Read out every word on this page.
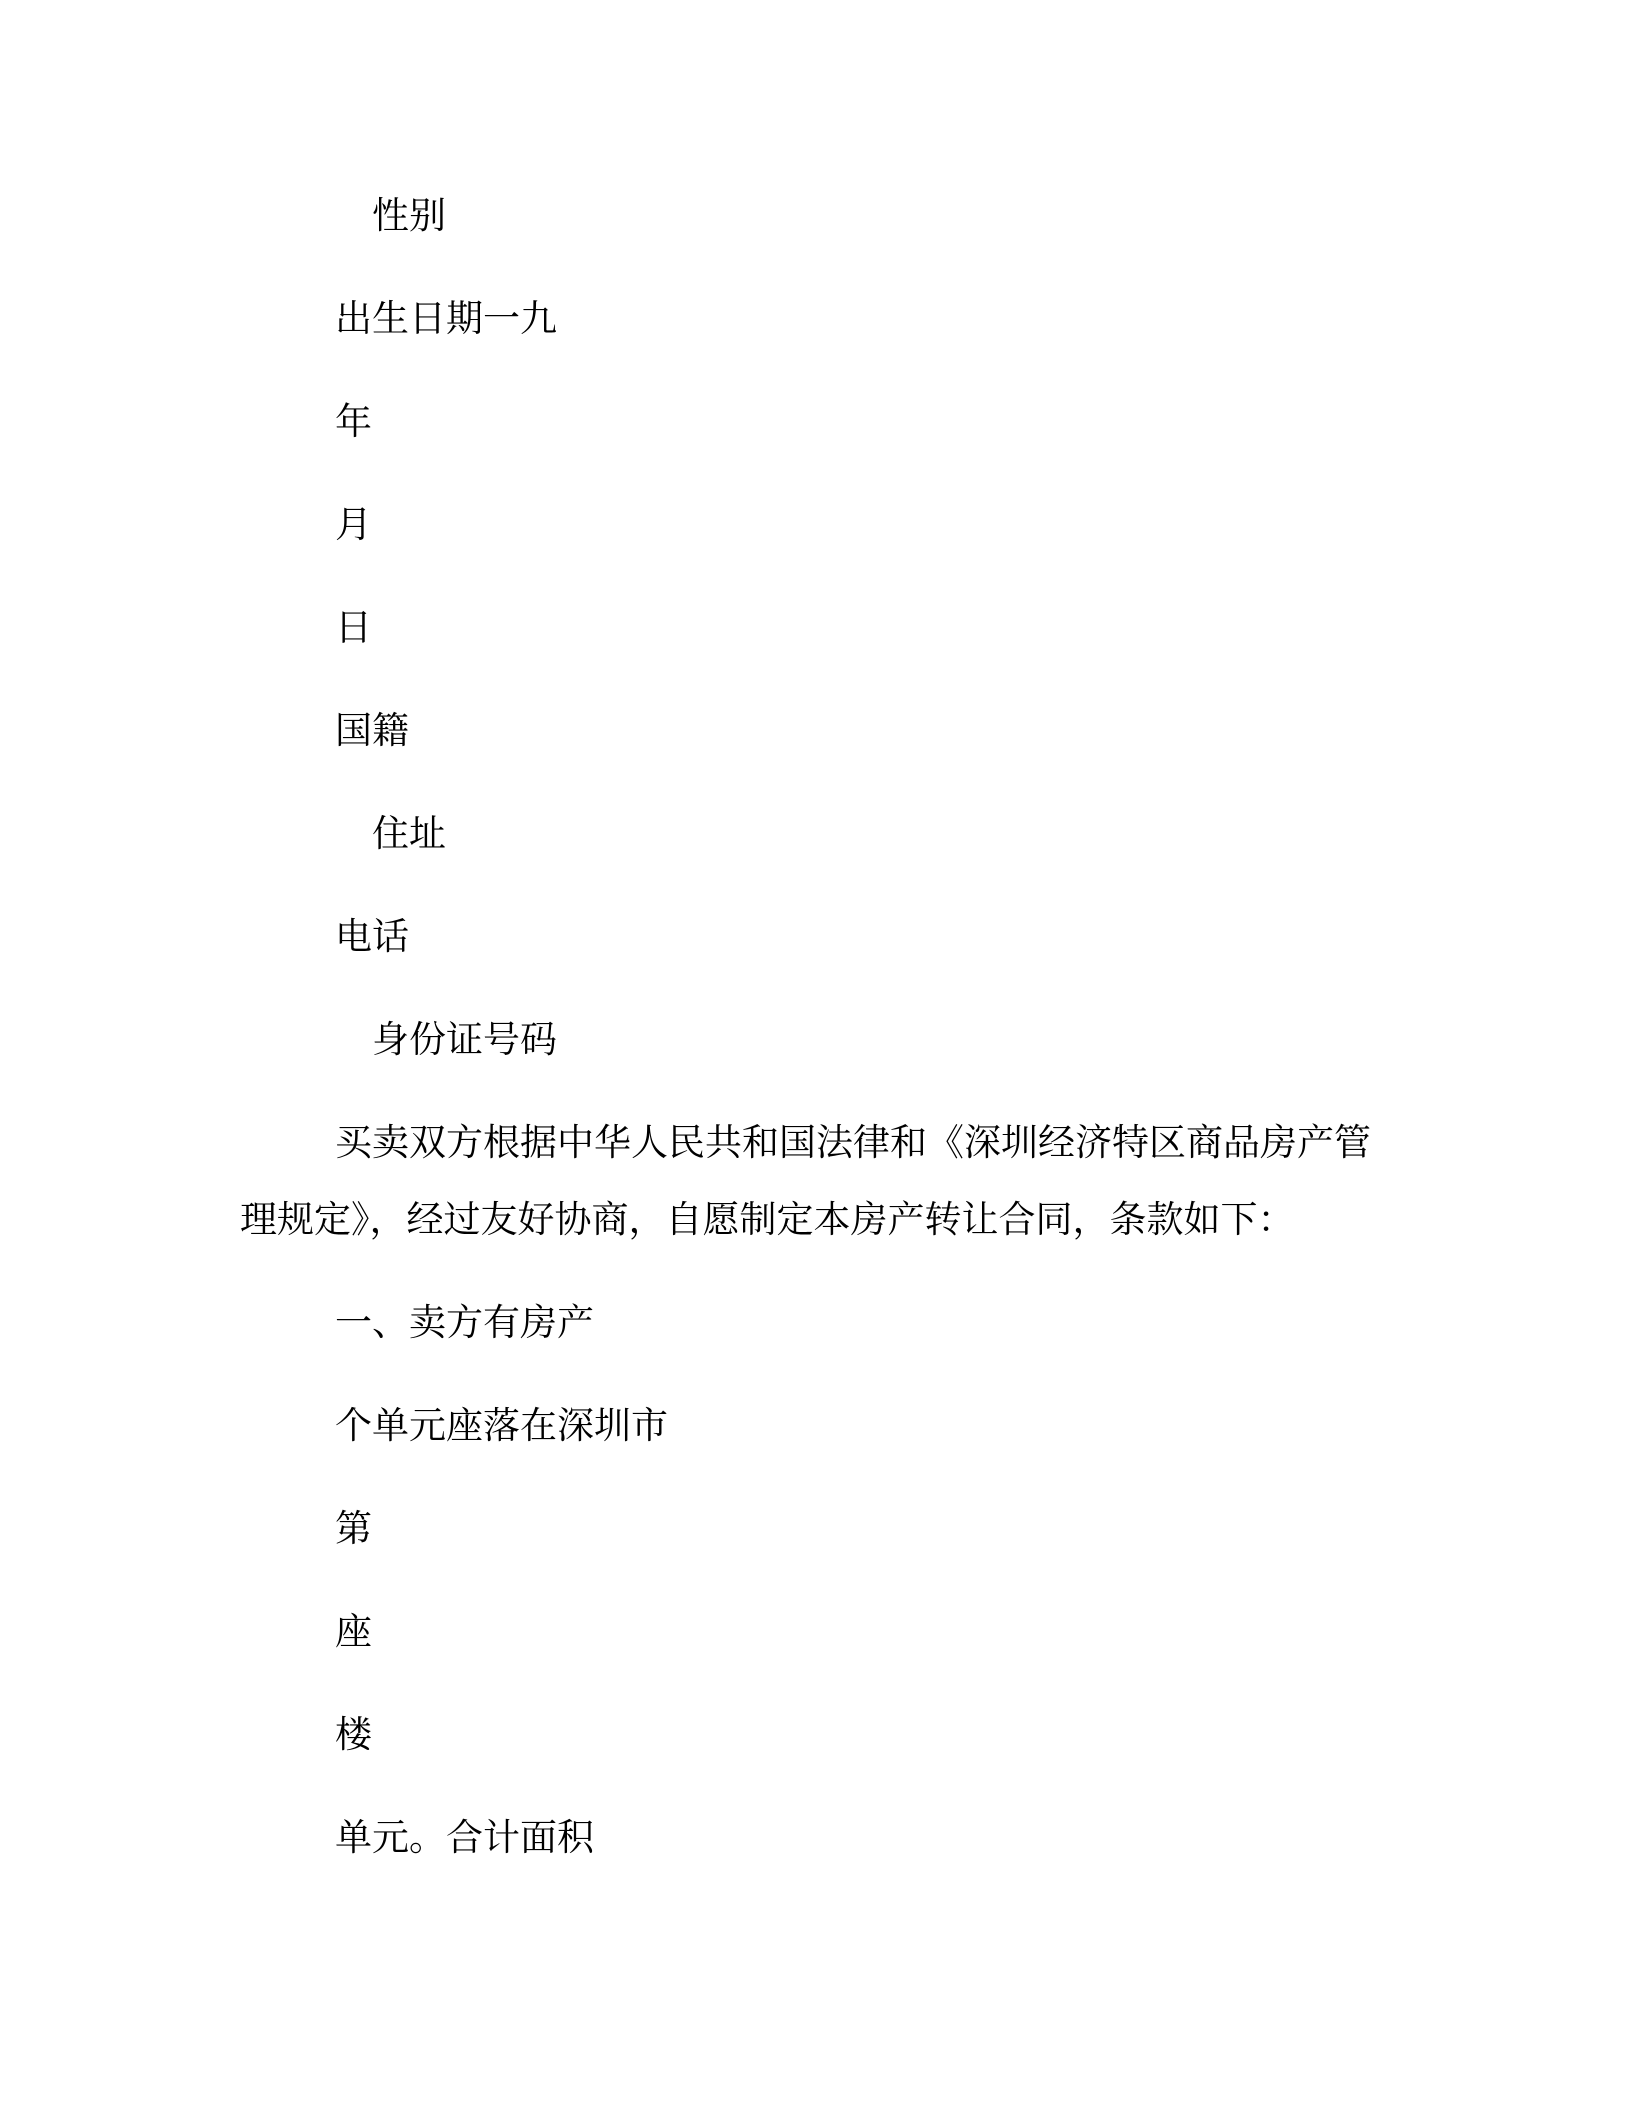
性别
出生日期一九
年
月
日
国籍
住址
电话
身份证号码
买卖双方根据中华人民共和国法律和《深圳经济特区商品房产管
理规定》，经过友好协商，自愿制定本房产转让合同，条款如下：
一、卖方有房产
个单元座落在深圳市
第
座
楼
单元。合计面积
